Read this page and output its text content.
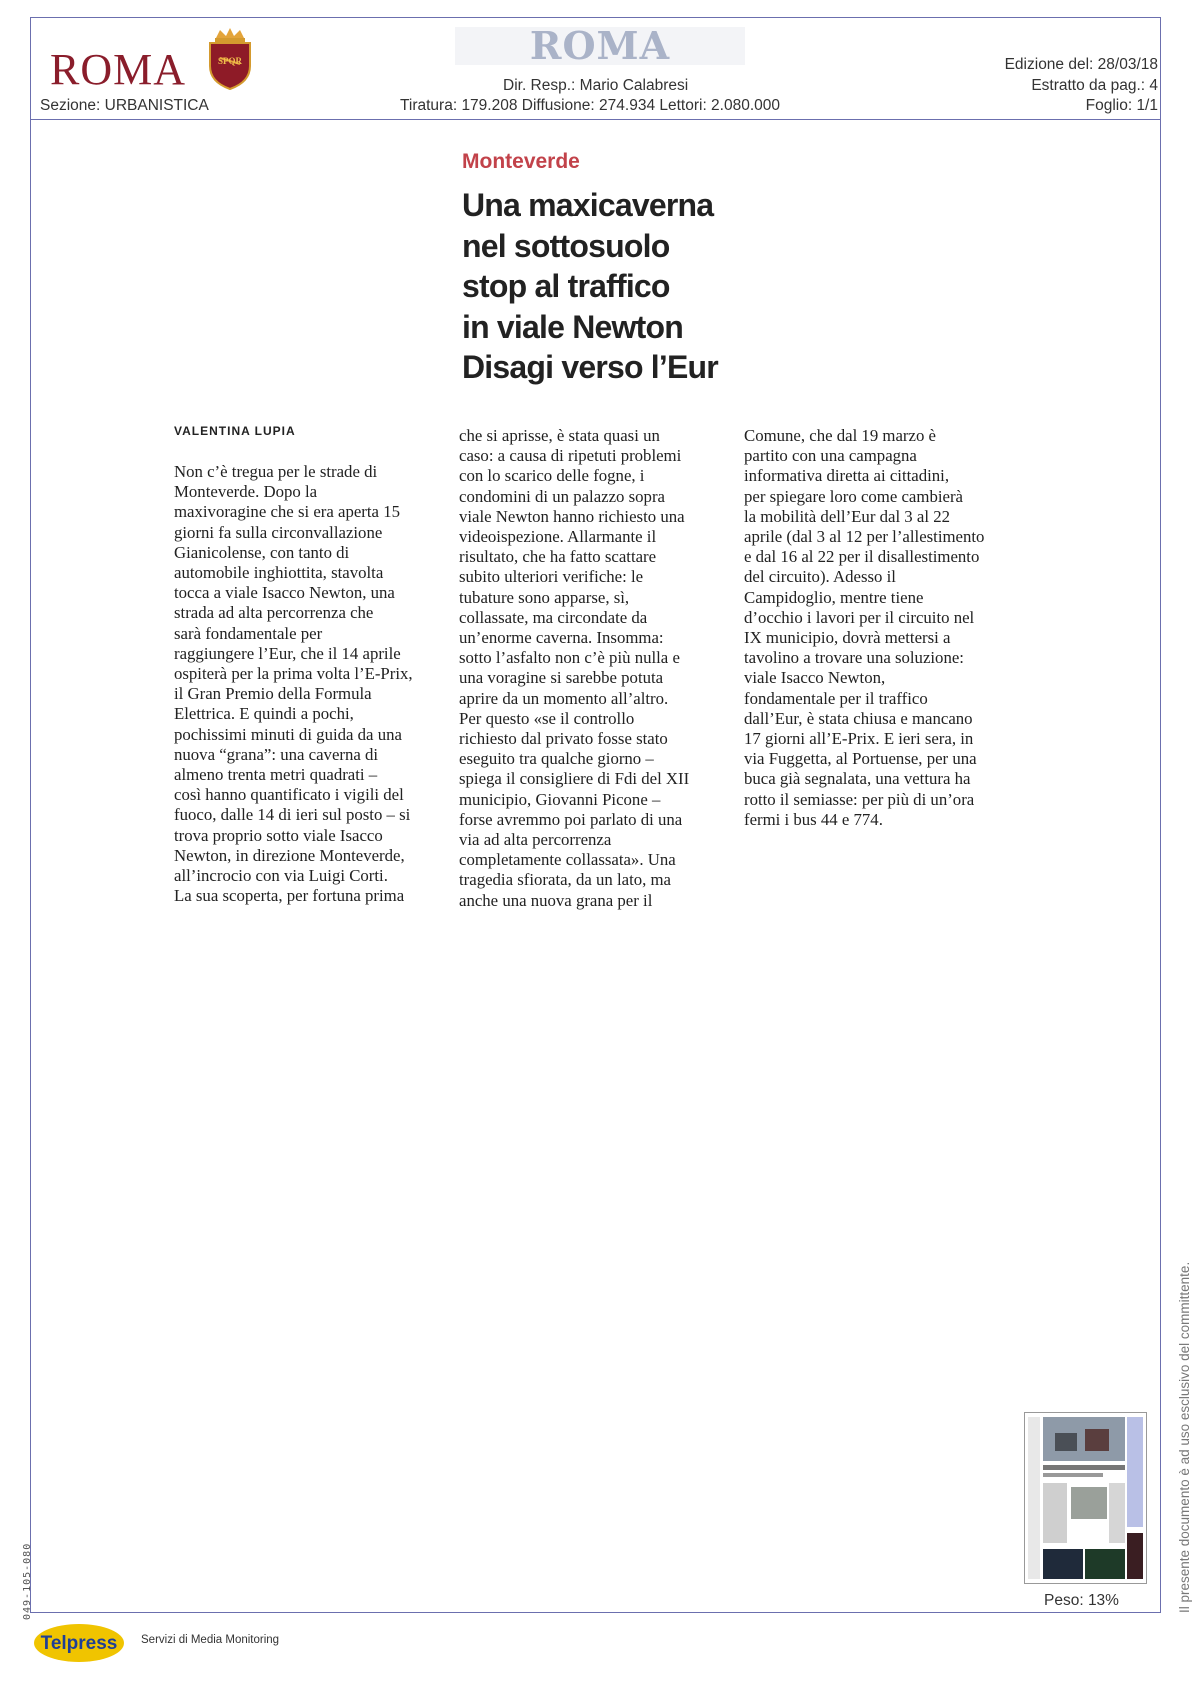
ROMA	SPQR	ROMA
Sezione: URBANISTICA
Dir. Resp.: Mario Calabresi
Tiratura: 179.208 Diffusione: 274.934 Lettori: 2.080.000
Edizione del: 28/03/18
Estratto da pag.: 4
Foglio: 1/1
Monteverde
Una maxicaverna
nel sottosuolo
stop al traffico
in viale Newton
Disagi verso l’Eur
VALENTINA LUPIA

Non c’è tregua per le strade di

Monteverde. Dopo la

maxivoragine che si era aperta 15

giorni fa sulla circonvallazione

Gianicolense, con tanto di

automobile inghiottita, stavolta

tocca a viale Isacco Newton, una

strada ad alta percorrenza che

sarà fondamentale per

raggiungere l’Eur, che il 14 aprile

ospiterà per la prima volta l’E-Prix,

il Gran Premio della Formula

Elettrica. E quindi a pochi,

pochissimi minuti di guida da una

nuova “grana”: una caverna di

almeno trenta metri quadrati –

così hanno quantificato i vigili del

fuoco, dalle 14 di ieri sul posto – si

trova proprio sotto viale Isacco

Newton, in direzione Monteverde,

all’incrocio con via Luigi Corti.

La sua scoperta, per fortuna prima

che si aprisse, è stata quasi un

caso: a causa di ripetuti problemi

con lo scarico delle fogne, i

condomini di un palazzo sopra

viale Newton hanno richiesto una

videoispezione. Allarmante il

risultato, che ha fatto scattare

subito ulteriori verifiche: le

tubature sono apparse, sì,

collassate, ma circondate da

un’enorme caverna. Insomma:

sotto l’asfalto non c’è più nulla e

una voragine si sarebbe potuta

aprire da un momento all’altro.

Per questo «se il controllo

richiesto dal privato fosse stato

eseguito tra qualche giorno –

spiega il consigliere di Fdi del XII

municipio, Giovanni Picone –

forse avremmo poi parlato di una

via ad alta percorrenza

completamente collassata». Una

tragedia sfiorata, da un lato, ma

anche una nuova grana per il

Comune, che dal 19 marzo è

partito con una campagna

informativa diretta ai cittadini,

per spiegare loro come cambierà

la mobilità dell’Eur dal 3 al 22

aprile (dal 3 al 12 per l’allestimento

e dal 16 al 22 per il disallestimento

del circuito). Adesso il

Campidoglio, mentre tiene

d’occhio i lavori per il circuito nel

IX municipio, dovrà mettersi a

tavolino a trovare una soluzione:

viale Isacco Newton,

fondamentale per il traffico

dall’Eur, è stata chiusa e mancano

17 giorni all’E-Prix. E ieri sera, in

via Fuggetta, al Portuense, per una

buca già segnalata, una vettura ha

rotto il semiasse: per più di un’ora

fermi i bus 44 e 774.

Peso: 13%	Il presente documento è ad uso esclusivo del committente.
049-105-080
Telpress Servizi di Media Monitoring
